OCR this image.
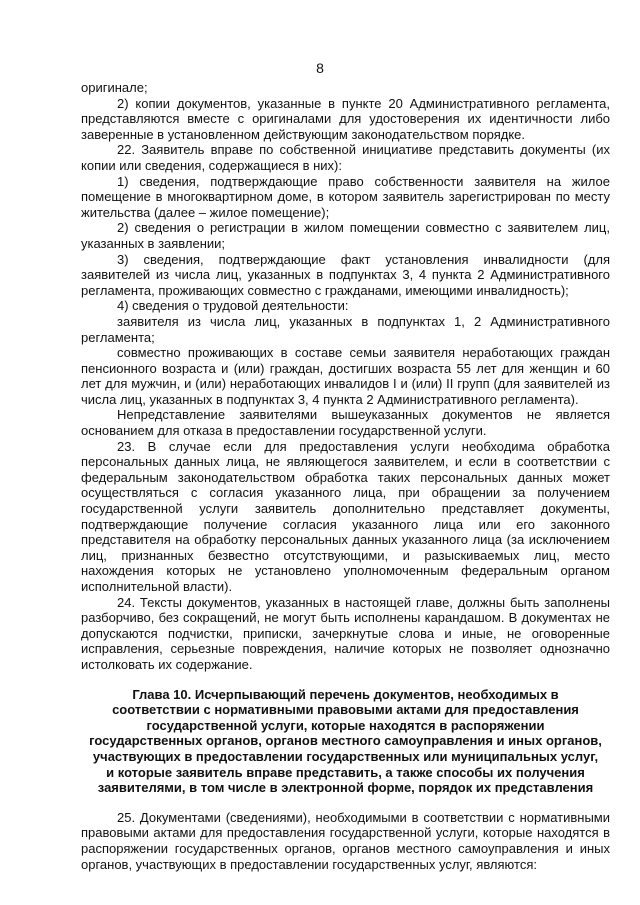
8

оригинале;

2) копии документов, указанные в пункте 20 Административного регламента, представляются вместе с оригиналами для удостоверения их идентичности либо заверенные в установленном действующим законодательством порядке.

22. Заявитель вправе по собственной инициативе представить документы (их копии или сведения, содержащиеся в них):

1) сведения, подтверждающие право собственности заявителя на жилое помещение в многоквартирном доме, в котором заявитель зарегистрирован по месту жительства (далее – жилое помещение);

2) сведения о регистрации в жилом помещении совместно с заявителем лиц, указанных в заявлении;

3) сведения, подтверждающие факт установления инвалидности (для заявителей из числа лиц, указанных в подпунктах 3, 4 пункта 2 Административного регламента, проживающих совместно с гражданами, имеющими инвалидность);

4) сведения о трудовой деятельности:

заявителя из числа лиц, указанных в подпунктах 1, 2 Административного регламента;

совместно проживающих в составе семьи заявителя неработающих граждан пенсионного возраста и (или) граждан, достигших возраста 55 лет для женщин и 60 лет для мужчин, и (или) неработающих инвалидов I и (или) II групп (для заявителей из числа лиц, указанных в подпунктах 3, 4 пункта 2 Административного регламента).

Непредставление заявителями вышеуказанных документов не является основанием для отказа в предоставлении государственной услуги.

23. В случае если для предоставления услуги необходима обработка персональных данных лица, не являющегося заявителем, и если в соответствии с федеральным законодательством обработка таких персональных данных может осуществляться с согласия указанного лица, при обращении за получением государственной услуги заявитель дополнительно представляет документы, подтверждающие получение согласия указанного лица или его законного представителя на обработку персональных данных указанного лица (за исключением лиц, признанных безвестно отсутствующими, и разыскиваемых лиц, место нахождения которых не установлено уполномоченным федеральным органом исполнительной власти).

24. Тексты документов, указанных в настоящей главе, должны быть заполнены разборчиво, без сокращений, не могут быть исполнены карандашом. В документах не допускаются подчистки, приписки, зачеркнутые слова и иные, не оговоренные исправления, серьезные повреждения, наличие которых не позволяет однозначно истолковать их содержание.

Глава 10. Исчерпывающий перечень документов, необходимых в соответствии с нормативными правовыми актами для предоставления государственной услуги, которые находятся в распоряжении государственных органов, органов местного самоуправления и иных органов, участвующих в предоставлении государственных или муниципальных услуг, и которые заявитель вправе представить, а также способы их получения заявителями, в том числе в электронной форме, порядок их представления

25. Документами (сведениями), необходимыми в соответствии с нормативными правовыми актами для предоставления государственной услуги, которые находятся в распоряжении государственных органов, органов местного самоуправления и иных органов, участвующих в предоставлении государственных услуг, являются:
